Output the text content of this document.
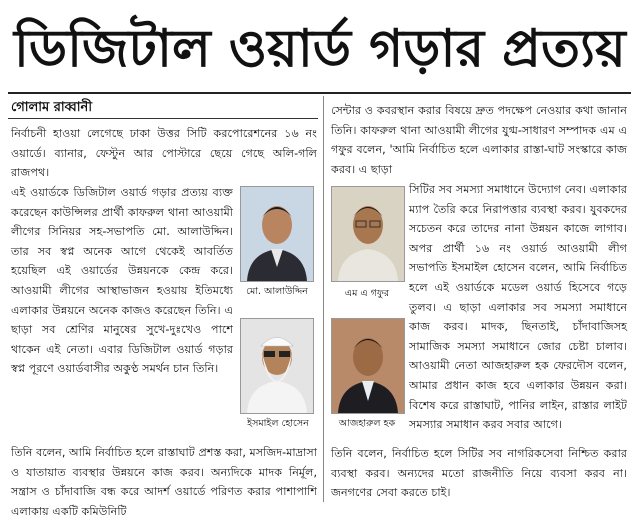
ডিজিটাল ওয়ার্ড গড়ার প্রত্যয়
গোলাম রাব্বানী

নির্বাচনী হাওয়া লেগেছে ঢাকা উত্তর সিটি করপোরেশনের ১৬ নং ওয়ার্ডে। ব্যানার, ফেস্টুন আর পোস্টারে ছেয়ে গেছে অলি-গলি রাজপথ।

এই ওয়ার্ডকে ডিজিটাল ওয়ার্ড গড়ার প্রত্যয় ব্যক্ত করেছেন কাউন্সিলর প্রার্থী কাফরুল থানা আওয়ামী লীগের সিনিয়র সহ-সভাপতি মো. আলাউদ্দিন। তার সব স্বপ্ন অনেক আগে থেকেই আবর্তিত হয়েছিল এই ওয়ার্ডের উন্নয়নকে কেন্দ্র করে। আওয়ামী লীগের আস্থাভাজন হওয়ায় ইতিমধ্যে এলাকার উন্নয়নে অনেক কাজও করেছেন তিনি। এ ছাড়া সব শ্রেণির মানুষের সুখে-দুঃখেও পাশে থাকেন এই নেতা। এবার ডিজিটাল ওয়ার্ড গড়ার স্বপ্ন পূরণে ওয়ার্ডবাসীর অকুণ্ঠ সমর্থন চান তিনি।

তিনি বলেন, আমি নির্বাচিত হলে রাস্তাঘাট প্রশস্ত করা, মসজিদ-মাদ্রাসা ও যাতায়াত ব্যবস্থার উন্নয়নে কাজ করব। অন্যদিকে মাদক নির্মূল, সন্ত্রাস ও চাঁদাবাজি বন্ধ করে আদর্শ ওয়ার্ডে পরিণত করার পাশাপাশি এলাকায় একটি কমিউনিটি

সেন্টার ও কবরস্থান করার বিষয়ে দ্রুত পদক্ষেপ নেওয়ার কথা জানান তিনি। কাফরুল থানা আওয়ামী লীগের যুগ্ম-সাধারণ সম্পাদক এম এ গফুর বলেন, 'আমি নির্বাচিত হলে এলাকার রাস্তা-ঘাট সংস্কারে কাজ করব। এ ছাড়া

সিটির সব সমস্যা সমাধানে উদ্যোগ নেব। এলাকার ম্যাপ তৈরি করে নিরাপত্তার ব্যবস্থা করব। যুবকদের সচেতন করে তাদের নানা উন্নয়ন কাজে লাগাব। অপর প্রার্থী ১৬ নং ওয়ার্ড আওয়ামী লীগ সভাপতি ইসমাইল হোসেন বলেন, আমি নির্বাচিত হলে এই ওয়ার্ডকে মডেল ওয়ার্ড হিসেবে গড়ে তুলব। এ ছাড়া এলাকার সব সমস্যা সমাধানে কাজ করব। মাদক, ছিনতাই, চাঁদাবাজিসহ সামাজিক সমস্যা সমাধানে জোর চেষ্টা চালাব। আওয়ামী নেতা আজহারুল হক ফেরদৌস বলেন, আমার প্রধান কাজ হবে এলাকার উন্নয়ন করা। বিশেষ করে রাস্তাঘাট, পানির লাইন, রাস্তার লাইট সমস্যার সমাধান করব সবার আগে।

তিনি বলেন, নির্বাচিত হলে সিটির সব নাগরিকসেবা নিশ্চিত করার ব্যবস্থা করব। অন্যদের মতো রাজনীতি নিয়ে ব্যবসা করব না। জনগণের সেবা করতে চাই।

মো. আলাউদ্দিন	এম এ গফুর
ইসমাইল হোসেন	আজহারুল হক
